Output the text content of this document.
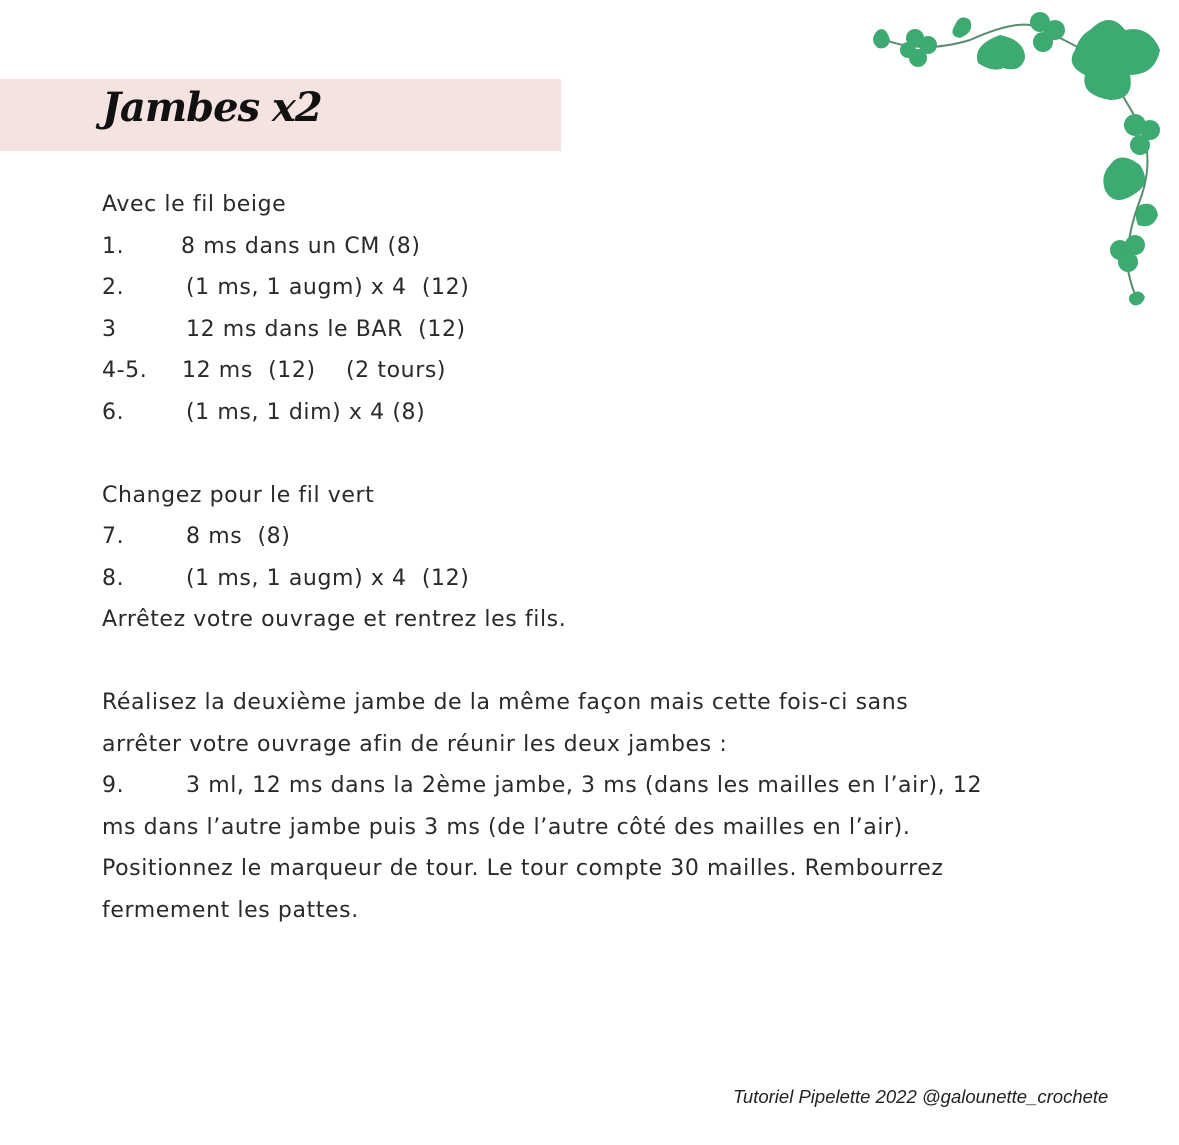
Jambes x2
Avec le fil beige
1.	8 ms dans un CM (8)
2.	(1 ms, 1 augm) x 4  (12)
3	12 ms dans le BAR  (12)
4-5. 12 ms  (12)    (2 tours)
6.	(1 ms, 1 dim) x 4 (8)
Changez pour le fil vert
7.	8 ms  (8)
8.	(1 ms, 1 augm) x 4  (12)
Arrêtez votre ouvrage et rentrez les fils.
Réalisez la deuxième jambe de la même façon mais cette fois-ci sans
arrêter votre ouvrage afin de réunir les deux jambes :
9.	3 ml, 12 ms dans la 2ème jambe, 3 ms (dans les mailles en l’air), 12
ms dans l’autre jambe puis 3 ms (de l’autre côté des mailles en l’air).
Positionnez le marqueur de tour. Le tour compte 30 mailles. Rembourrez
fermement les pattes.
Tutoriel Pipelette 2022 @galounette_crochete
